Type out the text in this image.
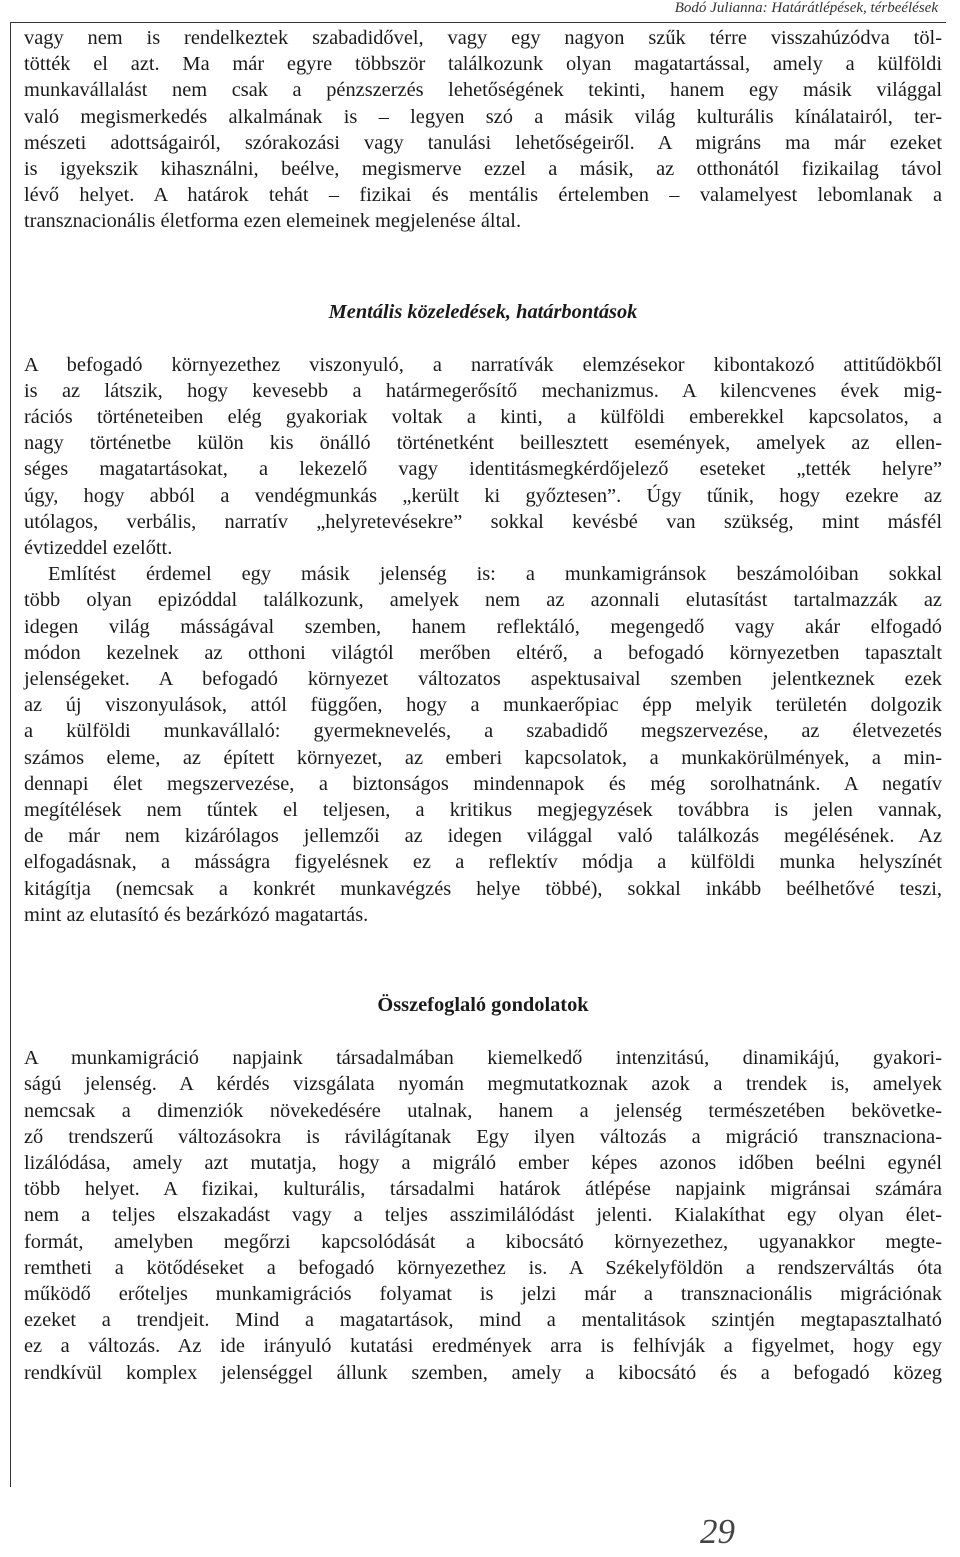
Bodó Julianna: Határátlépések, térbeélések
vagy nem is rendelkeztek szabadidővel, vagy egy nagyon szűk térre visszahúzódva töl-
tötték el azt. Ma már egyre többször találkozunk olyan magatartással, amely a külföldi
munkavállalást nem csak a pénzszerzés lehetőségének tekinti, hanem egy másik világgal
való megismerkedés alkalmának is – legyen szó a másik világ kulturális kínálatairól, ter-
mészeti adottságairól, szórakozási vagy tanulási lehetőségeiről. A migráns ma már ezeket
is igyekszik kihasználni, beélve, megismerve ezzel a másik, az otthonától fizikailag távol
lévő helyet. A határok tehát – fizikai és mentális értelemben – valamelyest lebomlanak a
transznacionális életforma ezen elemeinek megjelenése által.
Mentális közeledések, határbontások
A befogadó környezethez viszonyuló, a narratívák elemzésekor kibontakozó attitűdökből
is az látszik, hogy kevesebb a határmegerősítő mechanizmus. A kilencvenes évek mig-
rációs történeteiben elég gyakoriak voltak a kinti, a külföldi emberekkel kapcsolatos, a
nagy történetbe külön kis önálló történetként beillesztett események, amelyek az ellen-
séges magatartásokat, a lekezelő vagy identitásmegkérdőjelező eseteket „tették helyre”
úgy, hogy abból a vendégmunkás „került ki győztesen”. Úgy tűnik, hogy ezekre az
utólagos, verbális, narratív „helyretevésekre” sokkal kevésbé van szükség, mint másfél
évtizeddel ezelőtt.
Említést érdemel egy másik jelenség is: a munkamigránsok beszámolóiban sokkal
több olyan epizóddal találkozunk, amelyek nem az azonnali elutasítást tartalmazzák az
idegen világ másságával szemben, hanem reflektáló, megengedő vagy akár elfogadó
módon kezelnek az otthoni világtól merőben eltérő, a befogadó környezetben tapasztalt
jelenségeket. A befogadó környezet változatos aspektusaival szemben jelentkeznek ezek
az új viszonyulások, attól függően, hogy a munkaerőpiac épp melyik területén dolgozik
a külföldi munkavállaló: gyermeknevelés, a szabadidő megszervezése, az életvezetés
számos eleme, az épített környezet, az emberi kapcsolatok, a munkakörülmények, a min-
dennapi élet megszervezése, a biztonságos mindennapok és még sorolhatnánk. A negatív
megítélések nem tűntek el teljesen, a kritikus megjegyzések továbbra is jelen vannak,
de már nem kizárólagos jellemzői az idegen világgal való találkozás megélésének. Az
elfogadásnak, a másságra figyelésnek ez a reflektív módja a külföldi munka helyszínét
kitágítja (nemcsak a konkrét munkavégzés helye többé), sokkal inkább beélhetővé teszi,
mint az elutasító és bezárkózó magatartás.
Összefoglaló gondolatok
A munkamigráció napjaink társadalmában kiemelkedő intenzitású, dinamikájú, gyakori-
ságú jelenség. A kérdés vizsgálata nyomán megmutatkoznak azok a trendek is, amelyek
nemcsak a dimenziók növekedésére utalnak, hanem a jelenség természetében bekövetke-
ző trendszerű változásokra is rávilágítanak Egy ilyen változás a migráció transznaciona-
lizálódása, amely azt mutatja, hogy a migráló ember képes azonos időben beélni egynél
több helyet. A fizikai, kulturális, társadalmi határok átlépése napjaink migránsai számára
nem a teljes elszakadást vagy a teljes asszimilálódást jelenti. Kialakíthat egy olyan élet-
formát, amelyben megőrzi kapcsolódását a kibocsátó környezethez, ugyanakkor megte-
remtheti a kötődéseket a befogadó környezethez is. A Székelyföldön a rendszerváltás óta
működő erőteljes munkamigrációs folyamat is jelzi már a transznacionális migrációnak
ezeket a trendjeit. Mind a magatartások, mind a mentalitások szintjén megtapasztalható
ez a változás. Az ide irányuló kutatási eredmények arra is felhívják a figyelmet, hogy egy
rendkívül komplex jelenséggel állunk szemben, amely a kibocsátó és a befogadó közeg
29
